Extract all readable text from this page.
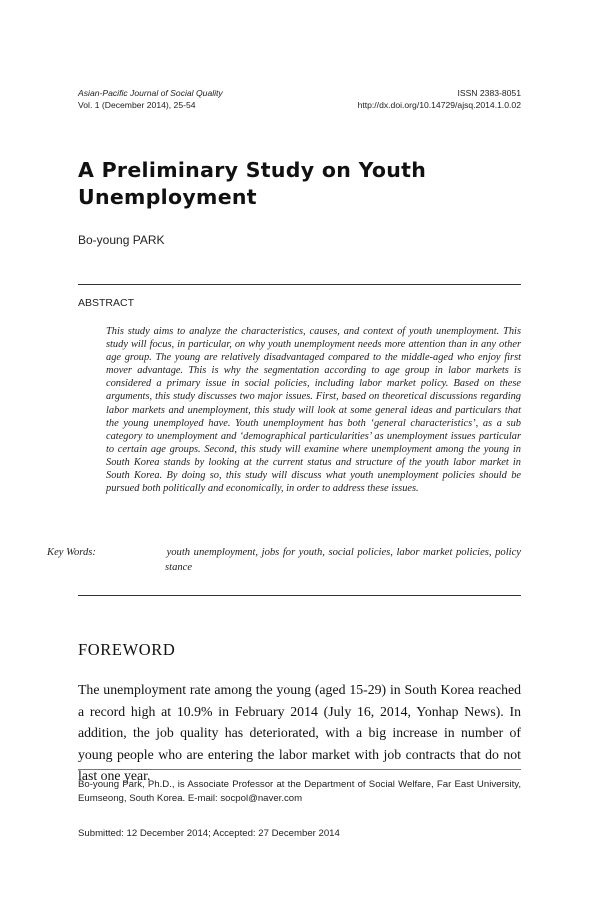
Asian-Pacific Journal of Social Quality
Vol. 1 (December 2014), 25-54
ISSN 2383-8051
http://dx.doi.org/10.14729/ajsq.2014.1.0.02
A Preliminary Study on Youth Unemployment
Bo-young PARK
ABSTRACT

This study aims to analyze the characteristics, causes, and context of youth unemployment. This study will focus, in particular, on why youth unemployment needs more attention than in any other age group. The young are relatively disadvantaged compared to the middle-aged who enjoy first mover advantage. This is why the segmentation according to age group in labor markets is considered a primary issue in social policies, including labor market policy. Based on these arguments, this study discusses two major issues. First, based on theoretical discussions regarding labor markets and unemployment, this study will look at some general ideas and particulars that the young unemployed have. Youth unemployment has both ‘general characteristics’, as a sub category to unemployment and ‘demographical particularities’ as unemployment issues particular to certain age groups. Second, this study will examine where unemployment among the young in South Korea stands by looking at the current status and structure of the youth labor market in South Korea. By doing so, this study will discuss what youth unemployment policies should be pursued both politically and economically, in order to address these issues.

Key Words:	youth unemployment, jobs for youth, social policies, labor market policies, policy stance
FOREWORD

The unemployment rate among the young (aged 15-29) in South Korea reached a record high at 10.9% in February 2014 (July 16, 2014, Yonhap News). In addition, the job quality has deteriorated, with a big increase in number of young people who are entering the labor market with job contracts that do not last one year.

Bo-young Park, Ph.D., is Associate Professor at the Department of Social Welfare, Far East University, Eumseong, South Korea. E-mail: socpol@naver.com

Submitted: 12 December 2014; Accepted: 27 December 2014
